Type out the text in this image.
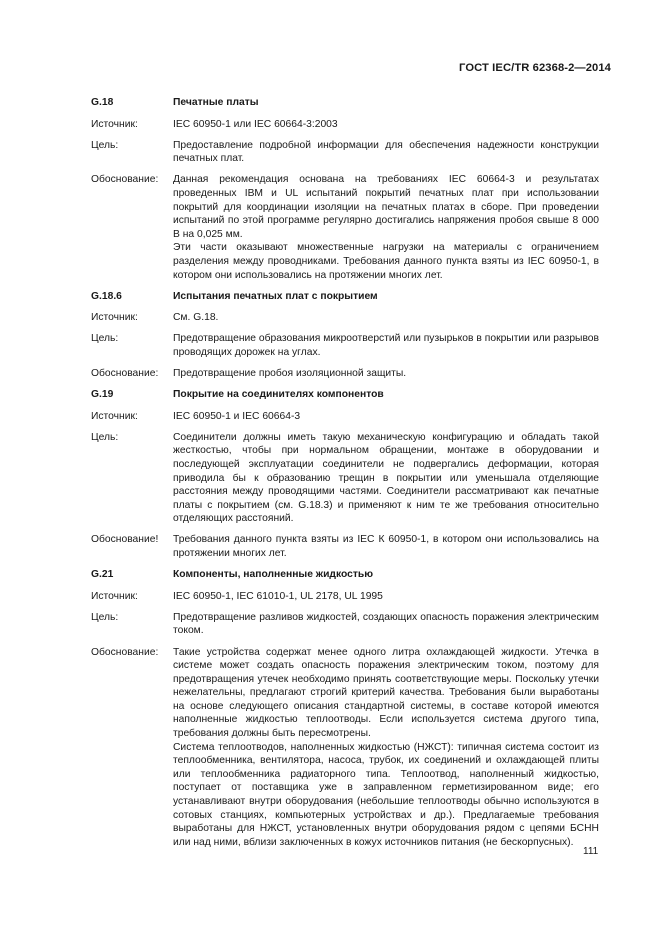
ГОСТ IEC/TR 62368-2—2014
G.18	Печатные платы
Источник:	IEC 60950-1 или IEC 60664-3:2003
Цель:	Предоставление подробной информации для обеспечения надежности конструкции печатных плат.
Обоснование:	Данная рекомендация основана на требованиях IEC 60664-3 и результатах проведенных IBM и UL испытаний покрытий печатных плат при использовании покрытий для координации изоляции на печатных платах в сборе. При проведении испытаний по этой программе регулярно достигались напряжения пробоя свыше 8 000 В на 0,025 мм.

Эти части оказывают множественные нагрузки на материалы с ограничением разделения между проводниками. Требования данного пункта взяты из IEC 60950-1, в котором они использовались на протяжении многих лет.

G.18.6	Испытания печатных плат с покрытием
Источник:	См. G.18.
Цель:	Предотвращение образования микроотверстий или пузырьков в покрытии или разрывов проводящих дорожек на углах.
Обоснование:	Предотвращение пробоя изоляционной защиты.

G.19	Покрытие на соединителях компонентов
Источник:	IEC 60950-1 и IEC 60664-3
Цель:	Соединители должны иметь такую механическую конфигурацию и обладать такой жесткостью, чтобы при нормальном обращении, монтаже в оборудовании и последующей эксплуатации соединители не подвергались деформации, которая приводила бы к образованию трещин в покрытии или уменьшала отделяющие расстояния между проводящими частями. Соединители рассматривают как печатные платы с покрытием (см. G.18.3) и применяют к ним те же требования относительно отделяющих расстояний.
Обоснование!	Требования данного пункта взяты из IEC К 60950-1, в котором они использовались на протяжении многих лет.

G.21	Компоненты, наполненные жидкостью
Источник:	IEC 60950-1, IEC 61010-1, UL 2178, UL 1995
Цель:	Предотвращение разливов жидкостей, создающих опасность поражения электрическим током.
Обоснование:	Такие устройства содержат менее одного литра охлаждающей жидкости. Утечка в системе может создать опасность поражения электрическим током, поэтому для предотвращения утечек необходимо принять соответствующие меры. Поскольку утечки нежелательны, предлагают строгий критерий качества. Требования были выработаны на основе следующего описания стандартной системы, в составе которой имеются наполненные жидкостью теплоотводы. Если используется система другого типа, требования должны быть пересмотрены.

Система теплоотводов, наполненных жидкостью (НЖСТ): типичная система состоит из теплообменника, вентилятора, насоса, трубок, их соединений и охлаждающей плиты или теплообменника радиаторного типа. Теплоотвод, наполненный жидкостью, поступает от поставщика уже в заправленном герметизированном виде; его устанавливают внутри оборудования (небольшие теплоотводы обычно используются в сотовых станциях, компьютерных устройствах и др.). Предлагаемые требования выработаны для НЖСТ, установленных внутри оборудования рядом с цепями БСНН или над ними, вблизи заключенных в кожух источников питания (не бескорпусных).

111
